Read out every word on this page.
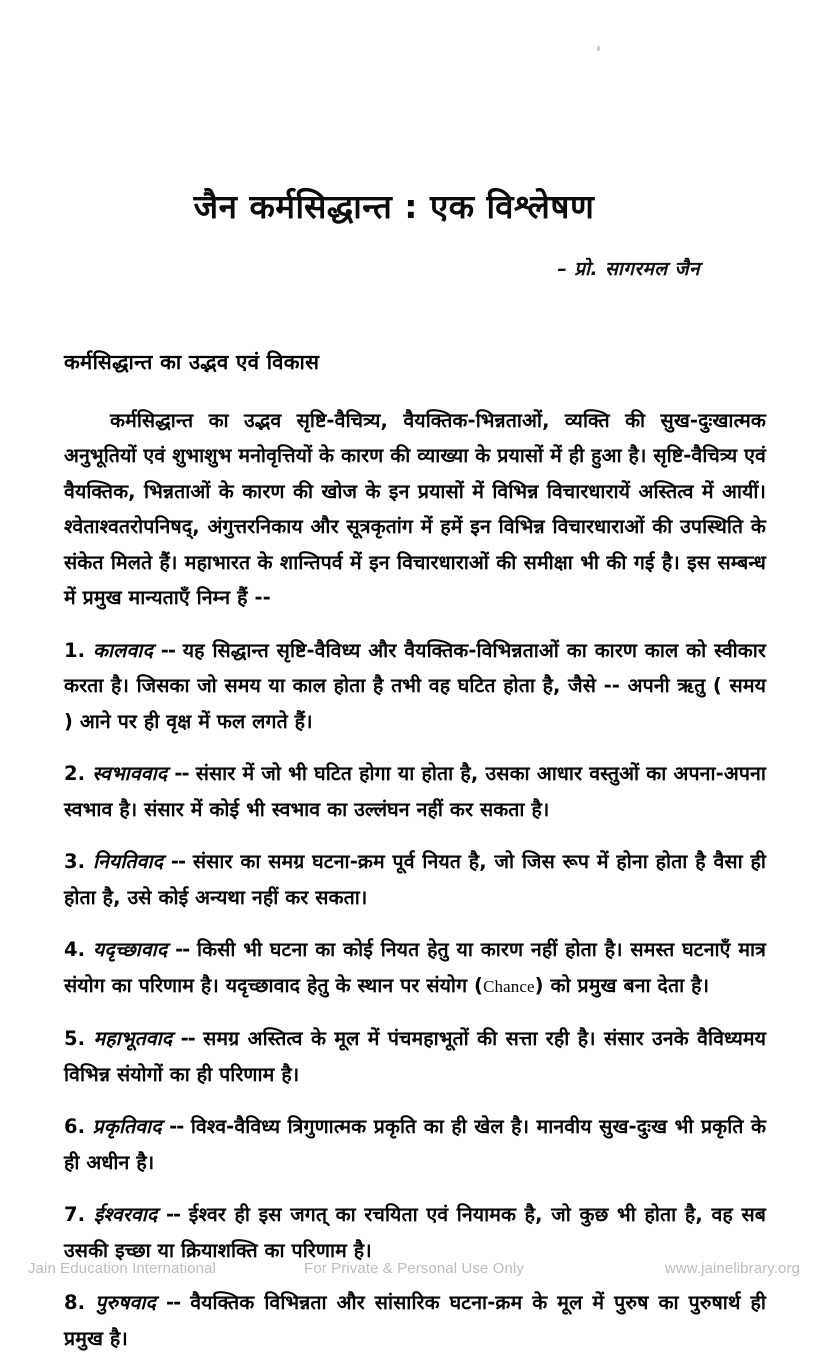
जैन कर्मसिद्धान्त : एक विश्लेषण

– प्रो. सागरमल जैन

कर्मसिद्धान्त का उद्भव एवं विकास

कर्मसिद्धान्त का उद्भव सृष्टि-वैचित्र्य, वैयक्तिक-भिन्नताओं, व्यक्ति की सुख-दुःखात्मक अनुभूतियों एवं शुभाशुभ मनोवृत्तियों के कारण की व्याख्या के प्रयासों में ही हुआ है। सृष्टि-वैचित्र्य एवं वैयक्तिक, भिन्नताओं के कारण की खोज के इन प्रयासों में विभिन्न विचारधारायें अस्तित्व में आयीं। श्वेताश्वतरोपनिषद्, अंगुत्तरनिकाय और सूत्रकृतांग में हमें इन विभिन्न विचारधाराओं की उपस्थिति के संकेत मिलते हैं। महाभारत के शान्तिपर्व में इन विचारधाराओं की समीक्षा भी की गई है। इस सम्बन्ध में प्रमुख मान्यताएँ निम्न हैं --

1. कालवाद -- यह सिद्धान्त सृष्टि-वैविध्य और वैयक्तिक-विभिन्नताओं का कारण काल को स्वीकार करता है। जिसका जो समय या काल होता है तभी वह घटित होता है, जैसे -- अपनी ऋतु ( समय ) आने पर ही वृक्ष में फल लगते हैं।
2. स्वभाववाद -- संसार में जो भी घटित होगा या होता है, उसका आधार वस्तुओं का अपना-अपना स्वभाव है। संसार में कोई भी स्वभाव का उल्लंघन नहीं कर सकता है।
3. नियतिवाद -- संसार का समग्र घटना-क्रम पूर्व नियत है, जो जिस रूप में होना होता है वैसा ही होता है, उसे कोई अन्यथा नहीं कर सकता।
4. यदृच्छावाद -- किसी भी घटना का कोई नियत हेतु या कारण नहीं होता है। समस्त घटनाएँ मात्र संयोग का परिणाम है। यदृच्छावाद हेतु के स्थान पर संयोग (Chance) को प्रमुख बना देता है।
5. महाभूतवाद -- समग्र अस्तित्व के मूल में पंचमहाभूतों की सत्ता रही है। संसार उनके वैविध्यमय विभिन्न संयोगों का ही परिणाम है।
6. प्रकृतिवाद -- विश्व-वैविध्य त्रिगुणात्मक प्रकृति का ही खेल है। मानवीय सुख-दुःख भी प्रकृति के ही अधीन है।
7. ईश्वरवाद -- ईश्वर ही इस जगत् का रचयिता एवं नियामक है, जो कुछ भी होता है, वह सब उसकी इच्छा या क्रियाशक्ति का परिणाम है।
8. पुरुषवाद -- वैयक्तिक विभिन्नता और सांसारिक घटना-क्रम के मूल में पुरुष का पुरुषार्थ ही प्रमुख है।
Jain Education International	For Private & Personal Use Only	www.jainelibrary.org
